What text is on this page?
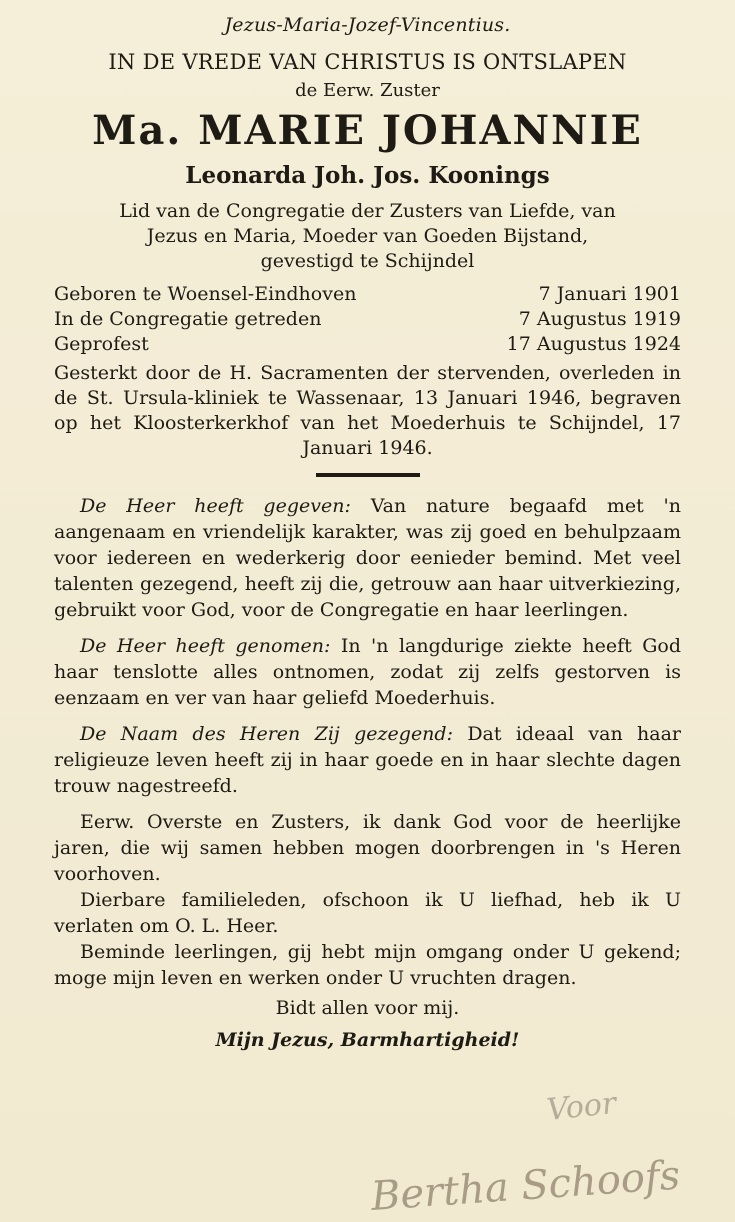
Jezus-Maria-Jozef-Vincentius.
IN DE VREDE VAN CHRISTUS IS ONTSLAPEN
de Eerw. Zuster
Ma. MARIE JOHANNIE
Leonarda Joh. Jos. Koonings
Lid van de Congregatie der Zusters van Liefde, van
Jezus en Maria, Moeder van Goeden Bijstand,
gevestigd te Schijndel
Geboren te Woensel-Eindhoven	7 Januari 1901
In de Congregatie getreden	7 Augustus 1919
Geprofest	17 Augustus 1924

Gesterkt door de H. Sacramenten der stervenden, overleden in de St. Ursula-kliniek te Wassenaar, 13 Januari 1946, begraven op het Kloosterkerkhof van het Moederhuis te Schijndel, 17 Januari 1946.

De Heer heeft gegeven: Van nature begaafd met 'n aangenaam en vriendelijk karakter, was zij goed en behulpzaam voor iedereen en wederkerig door eenieder bemind. Met veel talenten gezegend, heeft zij die, getrouw aan haar uitverkiezing, gebruikt voor God, voor de Congregatie en haar leerlingen.

De Heer heeft genomen: In 'n langdurige ziekte heeft God haar tenslotte alles ontnomen, zodat zij zelfs gestorven is eenzaam en ver van haar geliefd Moederhuis.

De Naam des Heren Zij gezegend: Dat ideaal van haar religieuze leven heeft zij in haar goede en in haar slechte dagen trouw nagestreefd.

Eerw. Overste en Zusters, ik dank God voor de heerlijke jaren, die wij samen hebben mogen doorbrengen in 's Heren voorhoven.

Dierbare familieleden, ofschoon ik U liefhad, heb ik U verlaten om O. L. Heer.

Beminde leerlingen, gij hebt mijn omgang onder U gekend; moge mijn leven en werken onder U vruchten dragen.

Bidt allen voor mij.
Mijn Jezus, Barmhartigheid!
Voor
Bertha Schoofs
